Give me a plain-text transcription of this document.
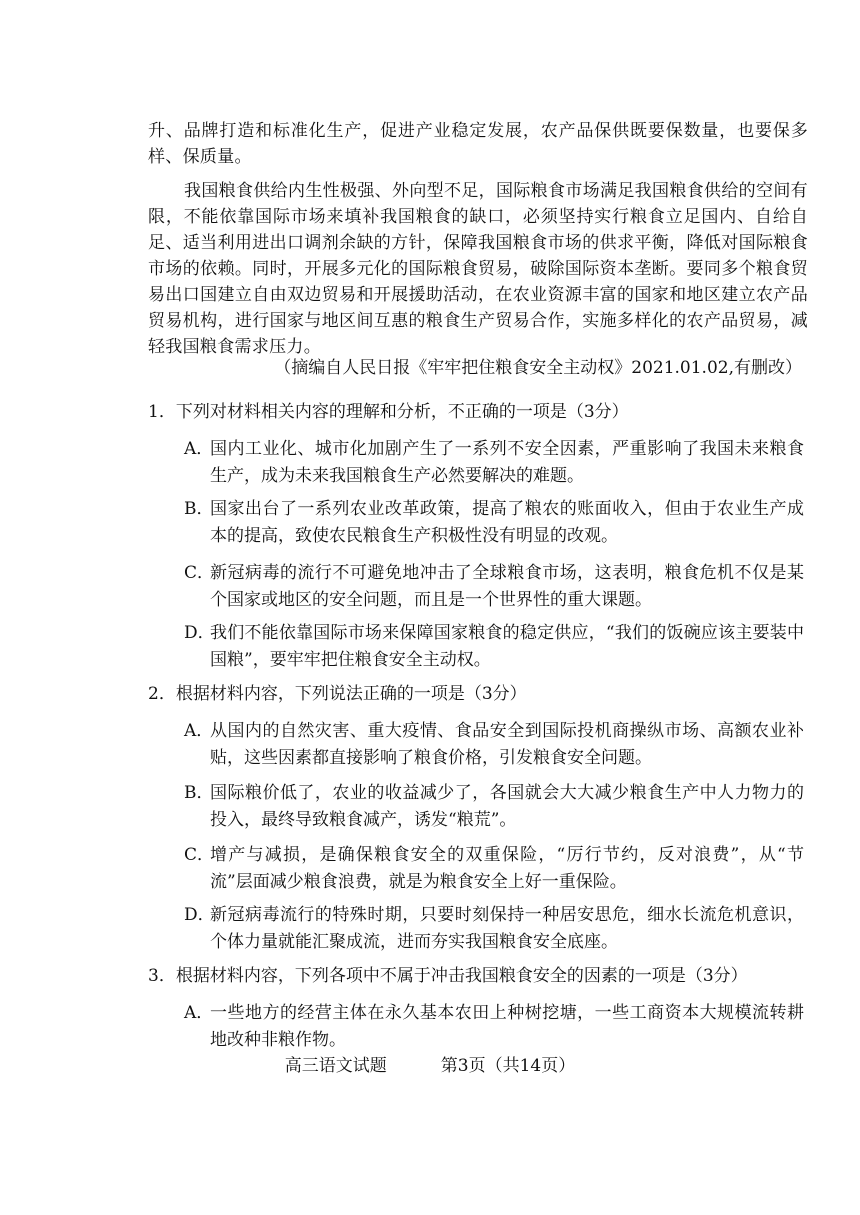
升、品牌打造和标准化生产，促进产业稳定发展，农产品保供既要保数量，也要保多样、保质量。
我国粮食供给内生性极强、外向型不足，国际粮食市场满足我国粮食供给的空间有限，不能依靠国际市场来填补我国粮食的缺口，必须坚持实行粮食立足国内、自给自足、适当利用进出口调剂余缺的方针，保障我国粮食市场的供求平衡，降低对国际粮食市场的依赖。同时，开展多元化的国际粮食贸易，破除国际资本垄断。要同多个粮食贸易出口国建立自由双边贸易和开展援助活动，在农业资源丰富的国家和地区建立农产品贸易机构，进行国家与地区间互惠的粮食生产贸易合作，实施多样化的农产品贸易，减轻我国粮食需求压力。
（摘编自人民日报《牢牢把住粮食安全主动权》2021.01.02,有删改）
1．下列对材料相关内容的理解和分析，不正确的一项是（3分）
A．
国内工业化、城市化加剧产生了一系列不安全因素，严重影响了我国未来粮食生产，成为未来我国粮食生产必然要解决的难题。
B．
国家出台了一系列农业改革政策，提高了粮农的账面收入，但由于农业生产成本的提高，致使农民粮食生产积极性没有明显的改观。
C．
新冠病毒的流行不可避免地冲击了全球粮食市场，这表明，粮食危机不仅是某个国家或地区的安全问题，而且是一个世界性的重大课题。
D．
我们不能依靠国际市场来保障国家粮食的稳定供应，“我们的饭碗应该主要装中国粮”，要牢牢把住粮食安全主动权。
2．根据材料内容，下列说法正确的一项是（3分）
A．
从国内的自然灾害、重大疫情、食品安全到国际投机商操纵市场、高额农业补贴，这些因素都直接影响了粮食价格，引发粮食安全问题。
B．
国际粮价低了，农业的收益减少了，各国就会大大减少粮食生产中人力物力的投入，最终导致粮食减产，诱发“粮荒”。
C．
增产与减损，是确保粮食安全的双重保险，“厉行节约，反对浪费”，从“节流”层面减少粮食浪费，就是为粮食安全上好一重保险。
D．
新冠病毒流行的特殊时期，只要时刻保持一种居安思危，细水长流危机意识，个体力量就能汇聚成流，进而夯实我国粮食安全底座。
3．根据材料内容，下列各项中不属于冲击我国粮食安全的因素的一项是（3分）
A．
一些地方的经营主体在永久基本农田上种树挖塘，一些工商资本大规模流转耕地改种非粮作物。
高三语文试题	第3页（共14页）
